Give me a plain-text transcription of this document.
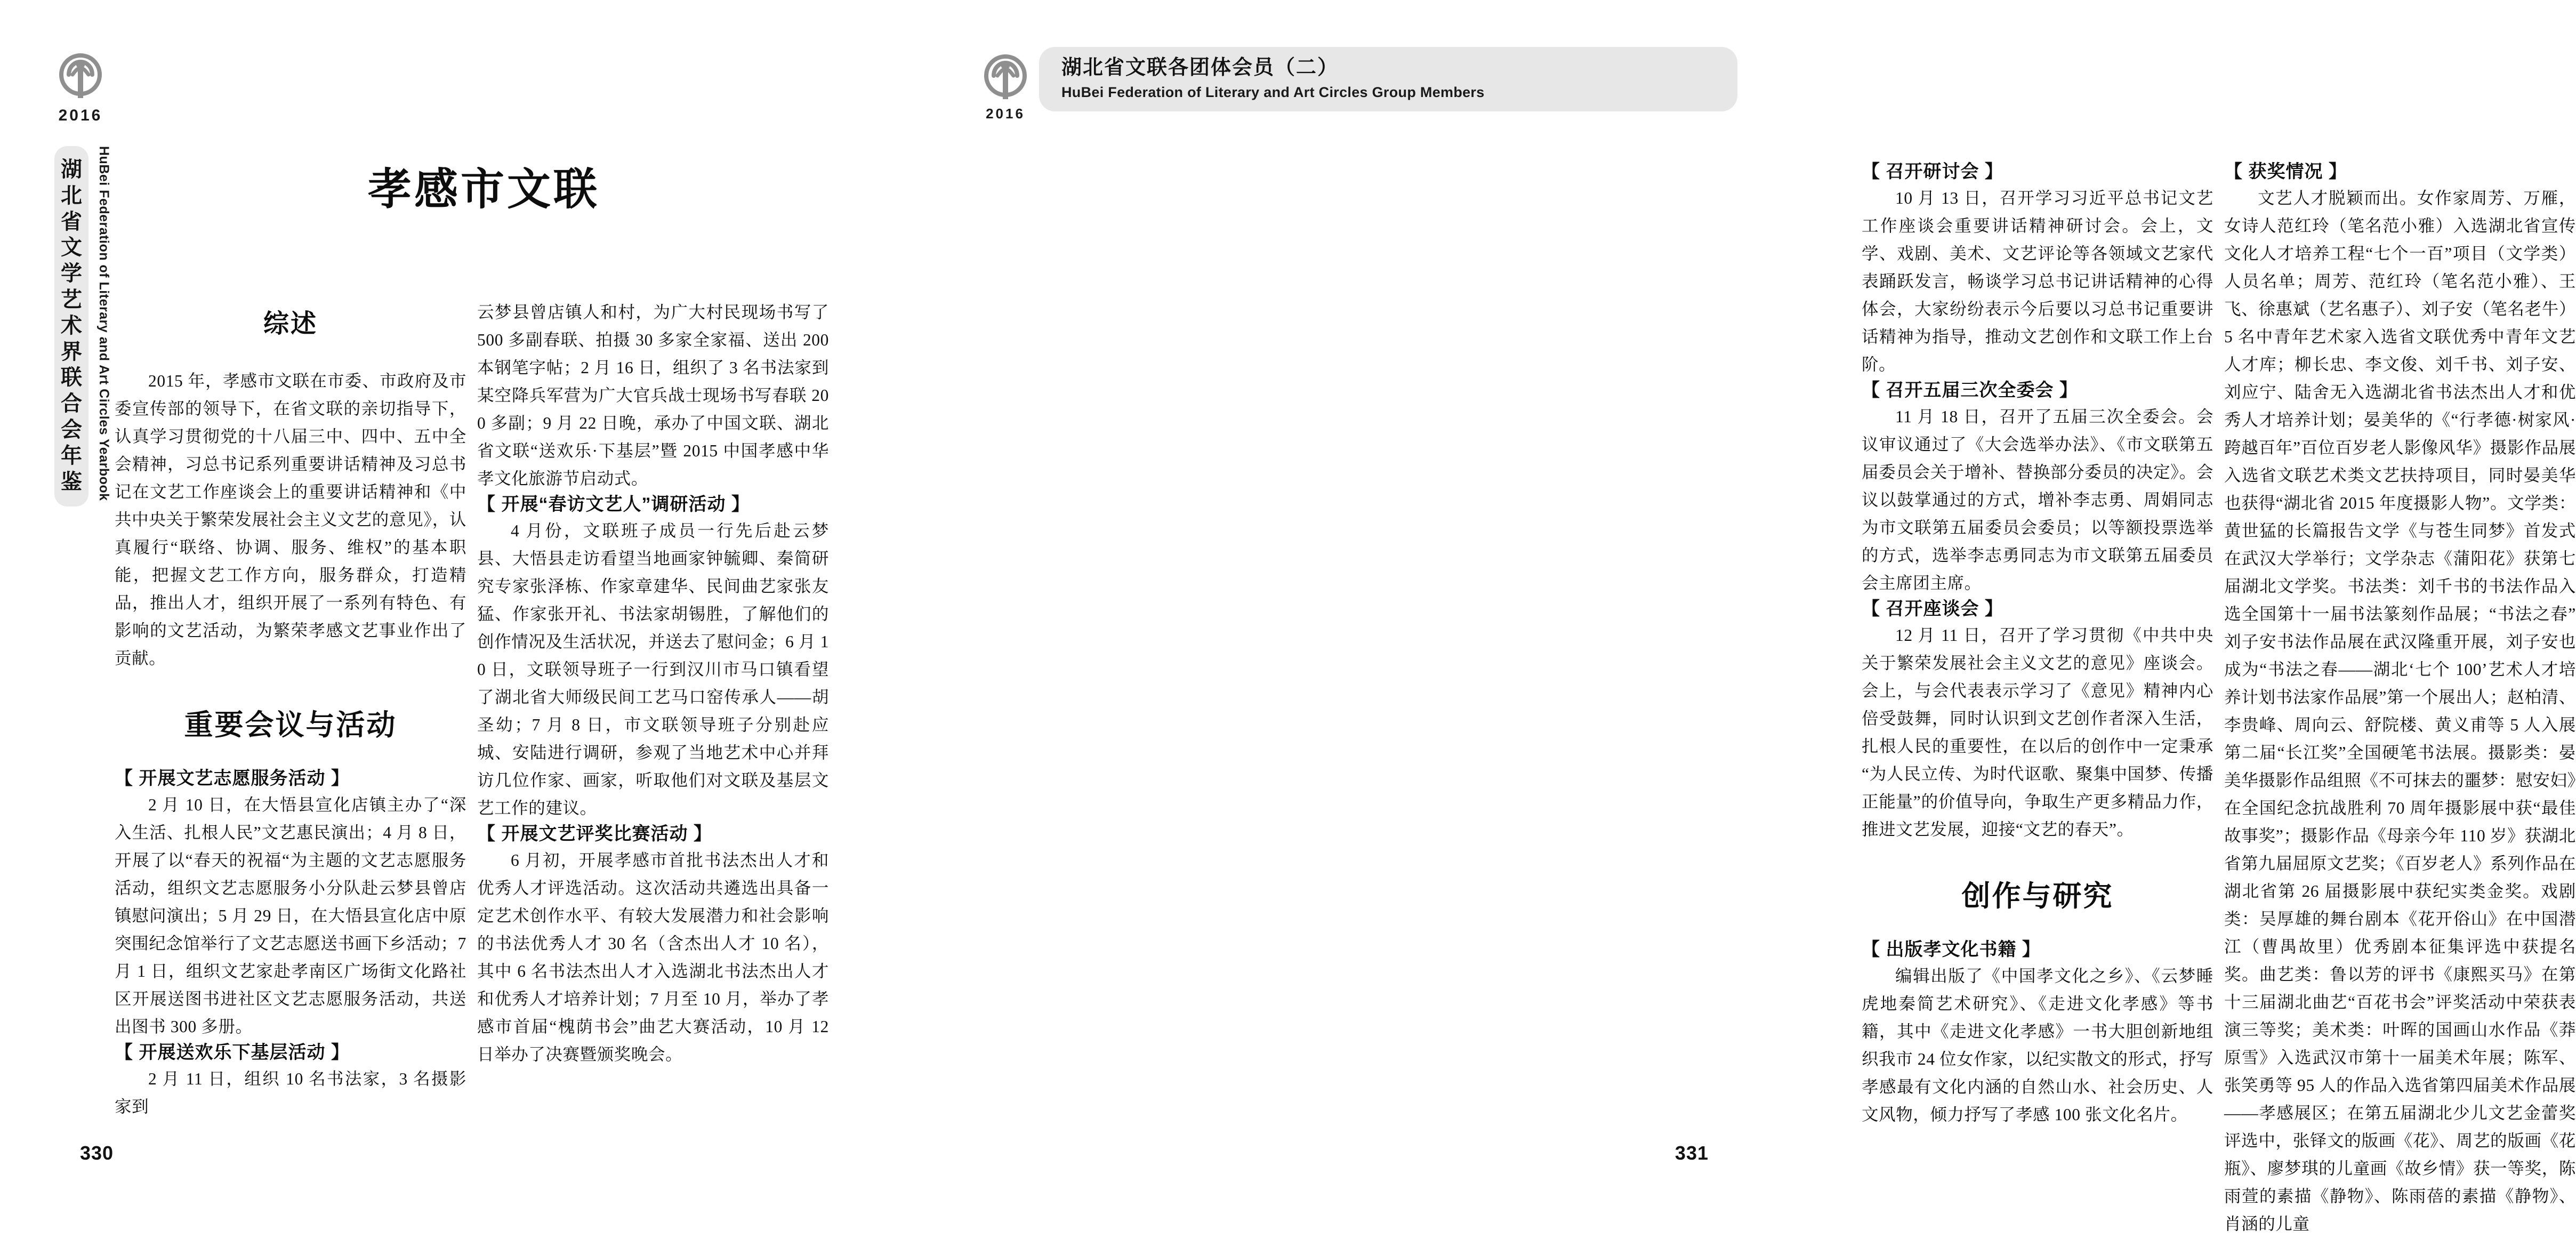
2016
湖
北
省
文
学
艺
术
界
联
合
会
年
鉴 HuBei Federation of Literary and Art Circles Yearbook	孝感市文联
综述

2015 年，孝感市文联在市委、市政府及市委宣传部的领导下，在省文联的亲切指导下，认真学习贯彻党的十八届三中、四中、五中全会精神，习总书记系列重要讲话精神及习总书记在文艺工作座谈会上的重要讲话精神和《中共中央关于繁荣发展社会主义文艺的意见》，认真履行“联络、协调、服务、维权”的基本职能，把握文艺工作方向，服务群众，打造精品，推出人才，组织开展了一系列有特色、有影响的文艺活动，为繁荣孝感文艺事业作出了贡献。

重要会议与活动
【 开展文艺志愿服务活动 】

2 月 10 日，在大悟县宣化店镇主办了“深入生活、扎根人民”文艺惠民演出；4 月 8 日，开展了以“春天的祝福“为主题的文艺志愿服务活动，组织文艺志愿服务小分队赴云梦县曾店镇慰问演出；5 月 29 日，在大悟县宣化店中原突围纪念馆举行了文艺志愿送书画下乡活动；7 月 1 日，组织文艺家赴孝南区广场街文化路社区开展送图书进社区文艺志愿服务活动，共送出图书 300 多册。

【 开展送欢乐下基层活动 】

2 月 11 日，组织 10 名书法家，3 名摄影家到

云梦县曾店镇人和村，为广大村民现场书写了 500 多副春联、拍摄 30 多家全家福、送出 200 本钢笔字帖；2 月 16 日，组织了 3 名书法家到某空降兵军营为广大官兵战士现场书写春联 200 多副；9 月 22 日晚，承办了中国文联、湖北省文联“送欢乐·下基层”暨 2015 中国孝感中华孝文化旅游节启动式。

【 开展“春访文艺人”调研活动 】

4 月份，文联班子成员一行先后赴云梦县、大悟县走访看望当地画家钟毓卿、秦简研究专家张泽栋、作家章建华、民间曲艺家张友猛、作家张开礼、书法家胡锡胜，了解他们的创作情况及生活状况，并送去了慰问金；6 月 10 日，文联领导班子一行到汉川市马口镇看望了湖北省大师级民间工艺马口窑传承人——胡圣幼；7 月 8 日，市文联领导班子分别赴应城、安陆进行调研，参观了当地艺术中心并拜访几位作家、画家，听取他们对文联及基层文艺工作的建议。

【 开展文艺评奖比赛活动 】

6 月初，开展孝感市首批书法杰出人才和优秀人才评选活动。这次活动共遴选出具备一定艺术创作水平、有较大发展潜力和社会影响的书法优秀人才 30 名（含杰出人才 10 名），其中 6 名书法杰出人才入选湖北书法杰出人才和优秀人才培养计划；7 月至 10 月，举办了孝感市首届“槐荫书会”曲艺大赛活动，10 月 12 日举办了决赛暨颁奖晚会。

330
2016
湖北省文联各团体会员（二）
HuBei Federation of Literary and Art Circles Group Members
【 召开研讨会 】

10 月 13 日，召开学习习近平总书记文艺工作座谈会重要讲话精神研讨会。会上，文学、戏剧、美术、文艺评论等各领域文艺家代表踊跃发言，畅谈学习总书记讲话精神的心得体会，大家纷纷表示今后要以习总书记重要讲话精神为指导，推动文艺创作和文联工作上台阶。

【 召开五届三次全委会 】

11 月 18 日，召开了五届三次全委会。会议审议通过了《大会选举办法》、《市文联第五届委员会关于增补、替换部分委员的决定》。会议以鼓掌通过的方式，增补李志勇、周娟同志为市文联第五届委员会委员；以等额投票选举的方式，选举李志勇同志为市文联第五届委员会主席团主席。

【 召开座谈会 】

12 月 11 日，召开了学习贯彻《中共中央关于繁荣发展社会主义文艺的意见》座谈会。会上，与会代表表示学习了《意见》精神内心倍受鼓舞，同时认识到文艺创作者深入生活，扎根人民的重要性，在以后的创作中一定秉承“为人民立传、为时代讴歌、聚集中国梦、传播正能量”的价值导向，争取生产更多精品力作，推进文艺发展，迎接“文艺的春天”。

创作与研究
【 出版孝文化书籍 】

编辑出版了《中国孝文化之乡》、《云梦睡虎地秦简艺术研究》、《走进文化孝感》等书籍，其中《走进文化孝感》一书大胆创新地组织我市 24 位女作家，以纪实散文的形式，抒写孝感最有文化内涵的自然山水、社会历史、人文风物，倾力抒写了孝感 100 张文化名片。

【 获奖情况 】

文艺人才脱颖而出。女作家周芳、万雁，女诗人范红玲（笔名范小雅）入选湖北省宣传文化人才培养工程“七个一百”项目（文学类）人员名单；周芳、范红玲（笔名范小雅）、王飞、徐惠斌（艺名惠子）、刘子安（笔名老牛）5 名中青年艺术家入选省文联优秀中青年文艺人才库；柳长忠、李文俊、刘千书、刘子安、刘应宁、陆舍无入选湖北省书法杰出人才和优秀人才培养计划；晏美华的《“行孝德·树家风·跨越百年”百位百岁老人影像风华》摄影作品展入选省文联艺术类文艺扶持项目，同时晏美华也获得“湖北省 2015 年度摄影人物”。文学类：黄世猛的长篇报告文学《与苍生同梦》首发式在武汉大学举行；文学杂志《蒲阳花》获第七届湖北文学奖。书法类：刘千书的书法作品入选全国第十一届书法篆刻作品展；“书法之春”刘子安书法作品展在武汉隆重开展，刘子安也成为“书法之春——湖北‘七个 100’艺术人才培养计划书法家作品展”第一个展出人；赵柏清、李贵峰、周向云、舒院楼、黄义甫等 5 人入展第二届“长江奖”全国硬笔书法展。摄影类：晏美华摄影作品组照《不可抹去的噩梦：慰安妇》在全国纪念抗战胜利 70 周年摄影展中获“最佳故事奖”；摄影作品《母亲今年 110 岁》获湖北省第九届屈原文艺奖；《百岁老人》系列作品在湖北省第 26 届摄影展中获纪实类金奖。戏剧类：吴厚雄的舞台剧本《花开俗山》在中国潜江（曹禺故里）优秀剧本征集评选中获提名奖。曲艺类：鲁以芳的评书《康熙买马》在第十三届湖北曲艺“百花书会”评奖活动中荣获表演三等奖；美术类：叶晖的国画山水作品《莽原雪》入选武汉市第十一届美术年展；陈军、张笑勇等 95 人的作品入选省第四届美术作品展——孝感展区；在第五届湖北少儿文艺金蕾奖评选中，张铎文的版画《花》、周艺的版画《花瓶》、廖梦琪的儿童画《故乡情》获一等奖，陈雨萱的素描《静物》、陈雨蓓的素描《静物》、肖涵的儿童

331
